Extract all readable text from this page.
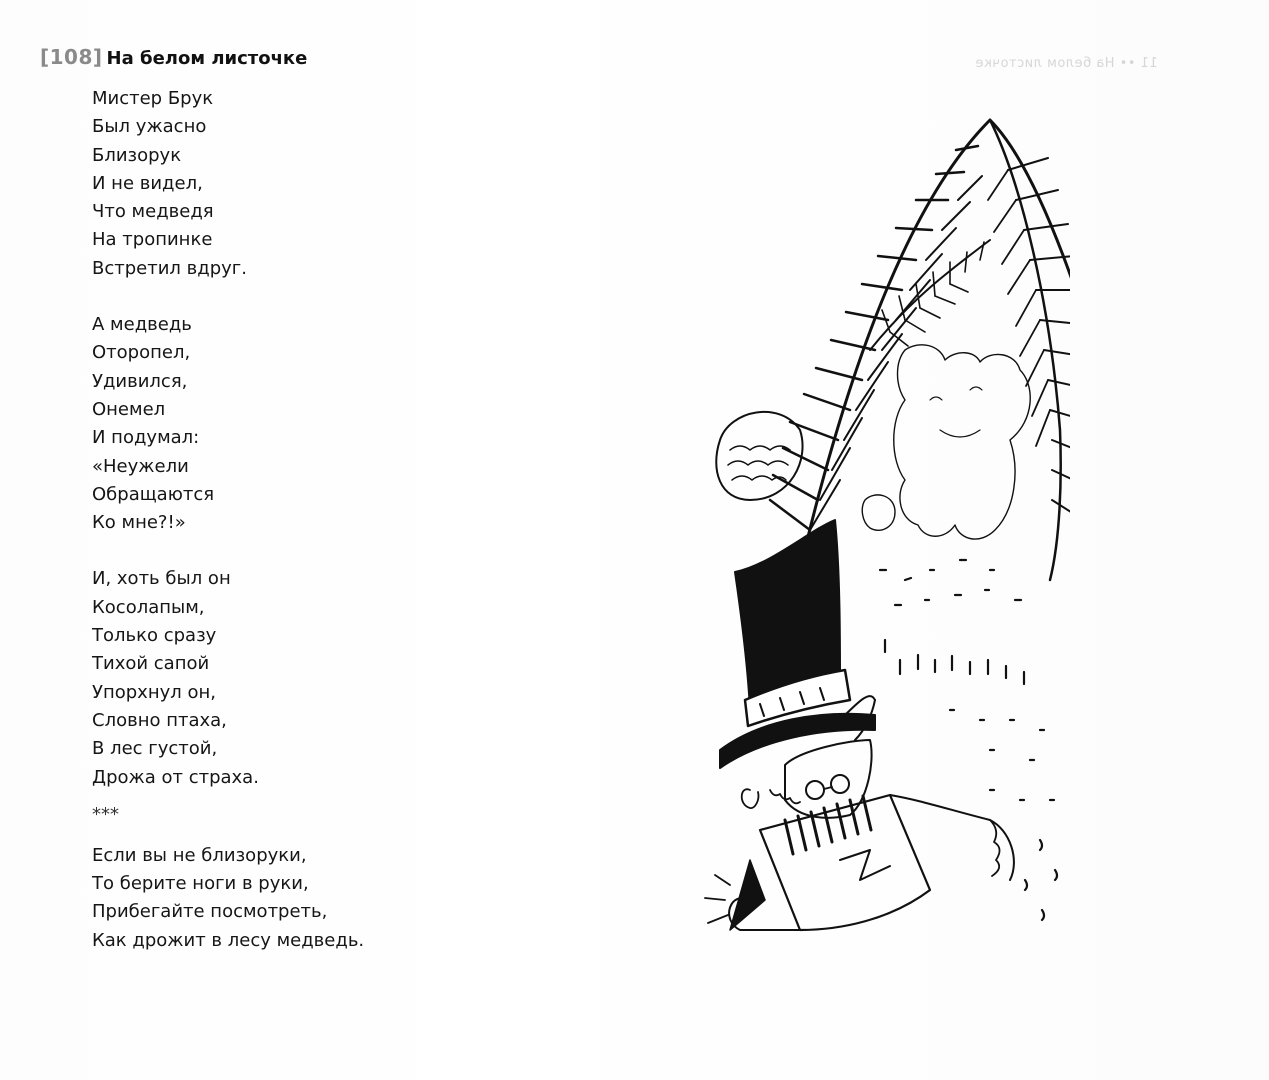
[108] На белом листочке	11 •• На белом листочке
Мистер Брук
Был ужасно
Близорук
И не видел,
Что медведя
На тропинке
Встретил вдруг.
А медведь
Оторопел,
Удивился,
Онемел
И подумал:
«Неужели
Обращаются
Ко мне?!»
И, хоть был он
Косолапым,
Только сразу
Тихой сапой
Упорхнул он,
Словно птаха,
В лес густой,
Дрожа от страха.
***
Если вы не близоруки,
То берите ноги в руки,
Прибегайте посмотреть,
Как дрожит в лесу медведь.
